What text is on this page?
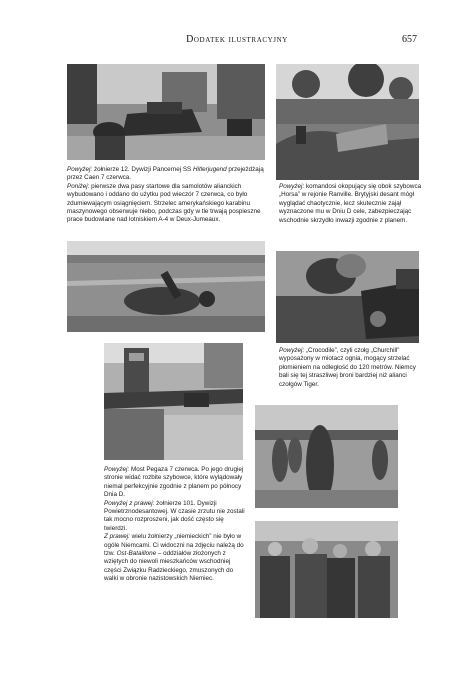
Dodatek ilustracyjny	657

Powyżej: żołnierze 12. Dywizji Pancernej SS Hitlerjugend przejeżdżają przez Caen 7 czerwca.

Poniżej: pierwsze dwa pasy startowe dla samolotów alianckich wybudowano i oddano do użytku pod wieczór 7 czerwca, co było zdumiewającym osiągnięciem. Strzelec amerykańskiego karabinu maszynowego obserwuje niebo, podczas gdy w tle trwają pospieszne prace budowlane nad lotniskiem A-4 w Deux-Jumeaux.

Powyżej: komandosi okopujący się obok szybowca „Horsa” w rejonie Ranville. Brytyjski desant mógł wyglądać chaotycznie, lecz skutecznie zajął wyznaczone mu w Dniu D cele, zabezpieczając wschodnie skrzydło inwazji zgodnie z planem.

Powyżej: „Crocodile”, czyli czołg „Churchill” wyposażony w miotacz ognia, mogący strzelać płomieniem na odległość do 120 metrów. Niemcy bali się tej straszliwej broni bardziej niż alianci czołgów Tiger.

Powyżej: Most Pegaza 7 czerwca. Po jego drugiej stronie widać rozbite szybowce, które wylądowały niemal perfekcyjnie zgodnie z planem po północy Dnia D.

Powyżej z prawej: żołnierze 101. Dywizji Powietrznodesantowej. W czasie zrzutu nie zostali tak mocno rozproszeni, jak dość często się twierdzi.

Z prawej: wielu żołnierzy „niemieckich” nie było w ogóle Niemcami. Ci widoczni na zdjęciu należą do tzw. Ost-Bataillone – oddziałów złożonych z wziętych do niewoli mieszkańców wschodniej części Związku Radzieckiego, zmuszonych do walki w obronie nazistowskich Niemiec.
